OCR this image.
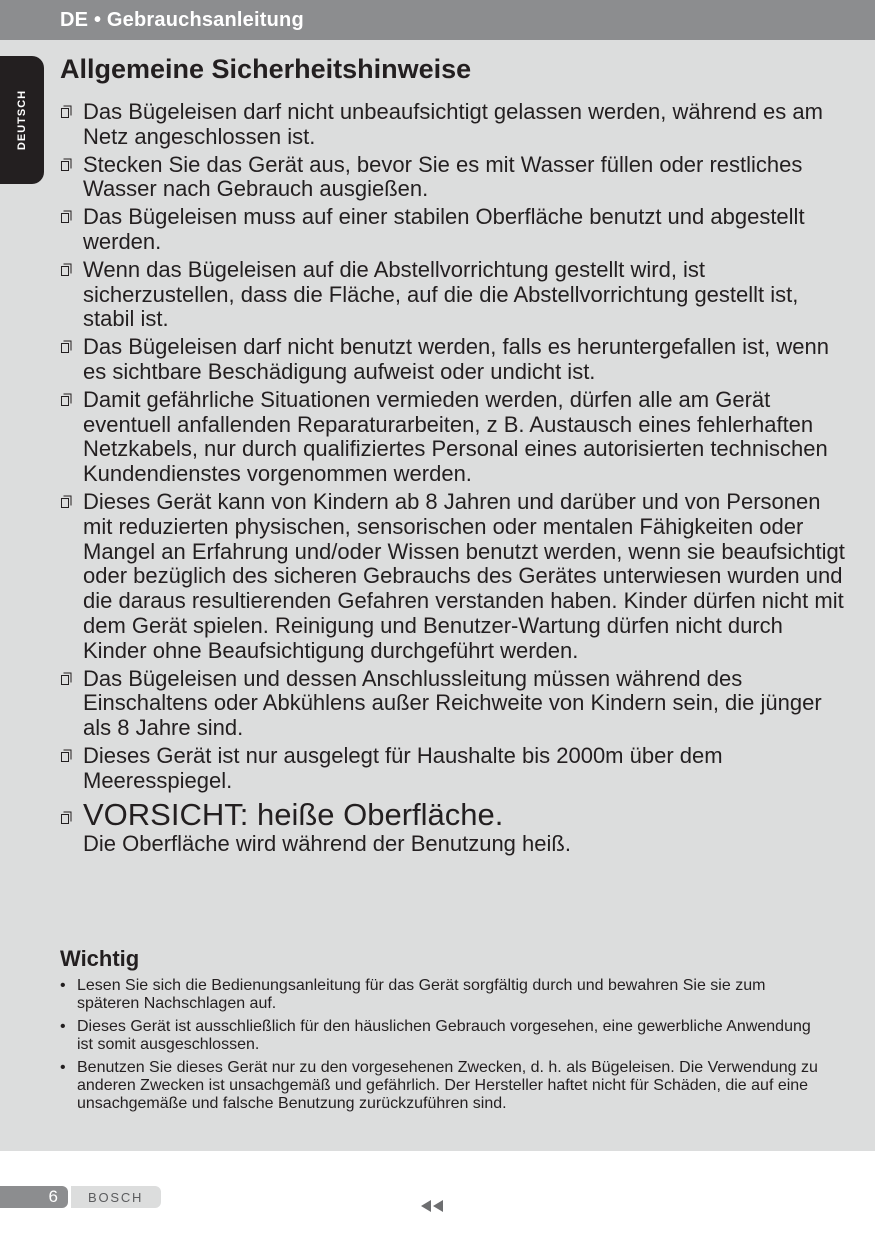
DE • Gebrauchsanleitung
DEUTSCH
Allgemeine Sicherheitshinweise
Das Bügeleisen darf nicht unbeaufsichtigt gelassen werden, während es am Netz angeschlossen ist.
Stecken Sie das Gerät aus, bevor Sie es mit Wasser füllen oder restliches Wasser nach Gebrauch ausgießen.
Das Bügeleisen muss auf einer stabilen Oberfläche benutzt und abgestellt werden.
Wenn das Bügeleisen auf die Abstellvorrichtung gestellt wird, ist sicherzustellen, dass die Fläche, auf die die Abstellvorrichtung gestellt ist, stabil ist.
Das Bügeleisen darf nicht benutzt werden, falls es heruntergefallen ist, wenn es sichtbare Beschädigung aufweist oder undicht ist.
Damit gefährliche Situationen vermieden werden, dürfen alle am Gerät eventuell anfallenden Reparaturarbeiten, z B. Austausch eines fehlerhaften Netzkabels, nur durch qualifiziertes Personal eines autorisierten technischen Kundendienstes vorgenommen werden.
Dieses Gerät kann von Kindern ab 8 Jahren und darüber und von Personen mit reduzierten physischen, sensorischen oder mentalen Fähigkeiten oder Mangel an Erfahrung und/oder Wissen benutzt werden, wenn sie beaufsichtigt oder bezüglich des sicheren Gebrauchs des Gerätes unterwiesen wurden und die daraus resultierenden Gefahren verstanden haben. Kinder dürfen nicht mit dem Gerät spielen. Reinigung und Benutzer-Wartung dürfen nicht durch Kinder ohne Beaufsichtigung durchgeführt werden.
Das Bügeleisen und dessen Anschlussleitung müssen während des Einschaltens oder Abkühlens außer Reichweite von Kindern sein, die jünger als 8 Jahre sind.
Dieses Gerät ist nur ausgelegt für Haushalte bis 2000m über dem Meeresspiegel.
VORSICHT: heiße Oberfläche.
Die Oberfläche wird während der Benutzung heiß.
Wichtig
• Lesen Sie sich die Bedienungsanleitung für das Gerät sorgfältig durch und bewahren Sie sie zum späteren Nachschlagen auf.
• Dieses Gerät ist ausschließlich für den häuslichen Gebrauch vorgesehen, eine gewerbliche Anwendung ist somit ausgeschlossen.
• Benutzen Sie dieses Gerät nur zu den vorgesehenen Zwecken, d. h. als Bügeleisen. Die Verwendung zu anderen Zwecken ist unsachgemäß und gefährlich. Der Hersteller haftet nicht für Schäden, die auf eine unsachgemäße und falsche Benutzung zurückzuführen sind.
6 BOSCH
